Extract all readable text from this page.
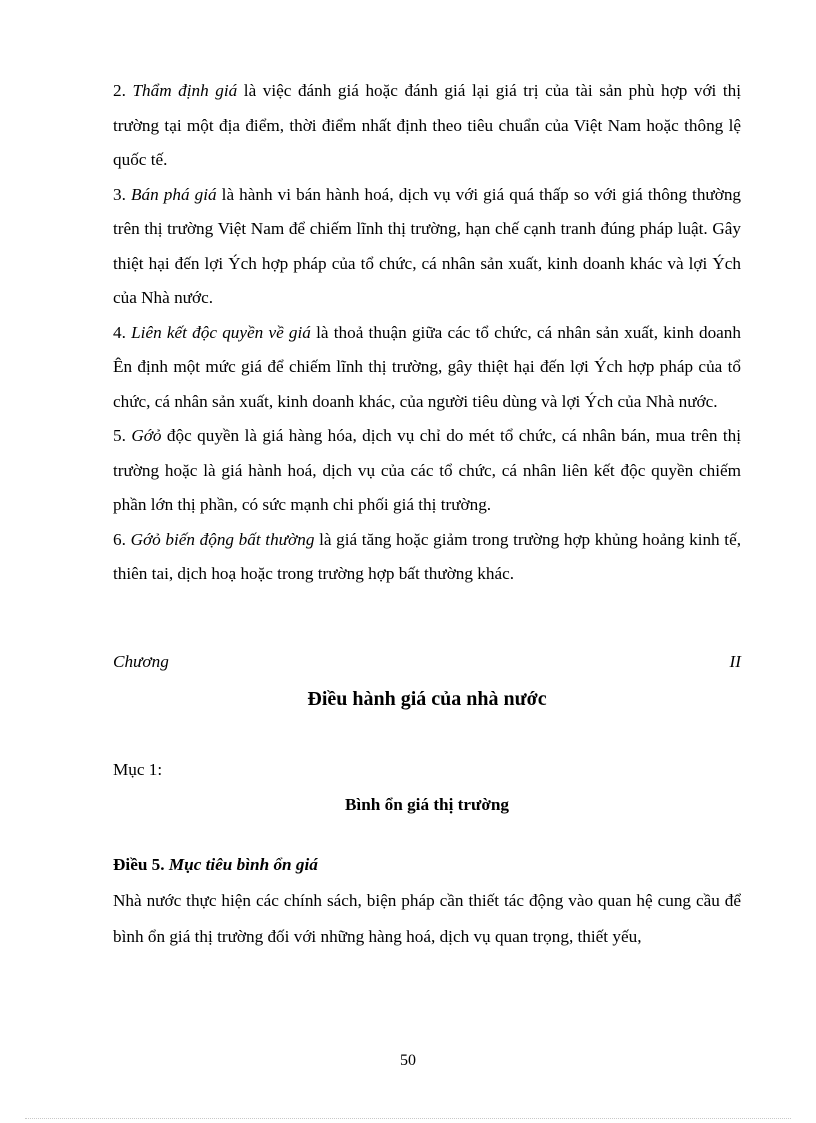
2. Thẩm định giá là việc đánh giá hoặc đánh giá lại giá trị của tài sản phù hợp với thị trường tại một địa điểm, thời điểm nhất định theo tiêu chuẩn của Việt Nam hoặc thông lệ quốc tế.

3. Bán phá giá là hành vi bán hành hoá, dịch vụ với giá quá thấp so với giá thông thường trên thị trường Việt Nam để chiếm lĩnh thị trường, hạn chế cạnh tranh đúng pháp luật. Gây thiệt hại đến lợi Ých hợp pháp của tổ chức, cá nhân sản xuất, kinh doanh khác và lợi Ých của Nhà nước.

4. Liên kết độc quyền về giá là thoả thuận giữa các tổ chức, cá nhân sản xuất, kinh doanh Ên định một mức giá để chiếm lĩnh thị trường, gây thiệt hại đến lợi Ých hợp pháp của tổ chức, cá nhân sản xuất, kinh doanh khác, của người tiêu dùng và lợi Ých của Nhà nước.

5. Gớỏ độc quyền là giá hàng hóa, dịch vụ chỉ do mét tổ chức, cá nhân bán, mua trên thị trường hoặc là giá hành hoá, dịch vụ của các tổ chức, cá nhân liên kết độc quyền chiếm phần lớn thị phần, có sức mạnh chi phối giá thị trường.

6. Gớỏ biến động bất thường là giá tăng hoặc giảm trong trường hợp khủng hoảng kinh tế, thiên tai, dịch hoạ hoặc trong trường hợp bất thường khác.

Chương	II
Điều hành giá của nhà nước
Mục 1:
Bình ổn giá thị trường
Điều 5. Mục tiêu bình ổn giá

Nhà nước thực hiện các chính sách, biện pháp cần thiết tác động vào quan hệ cung cầu để bình ổn giá thị trường đối với những hàng hoá, dịch vụ quan trọng, thiết yếu,

50
